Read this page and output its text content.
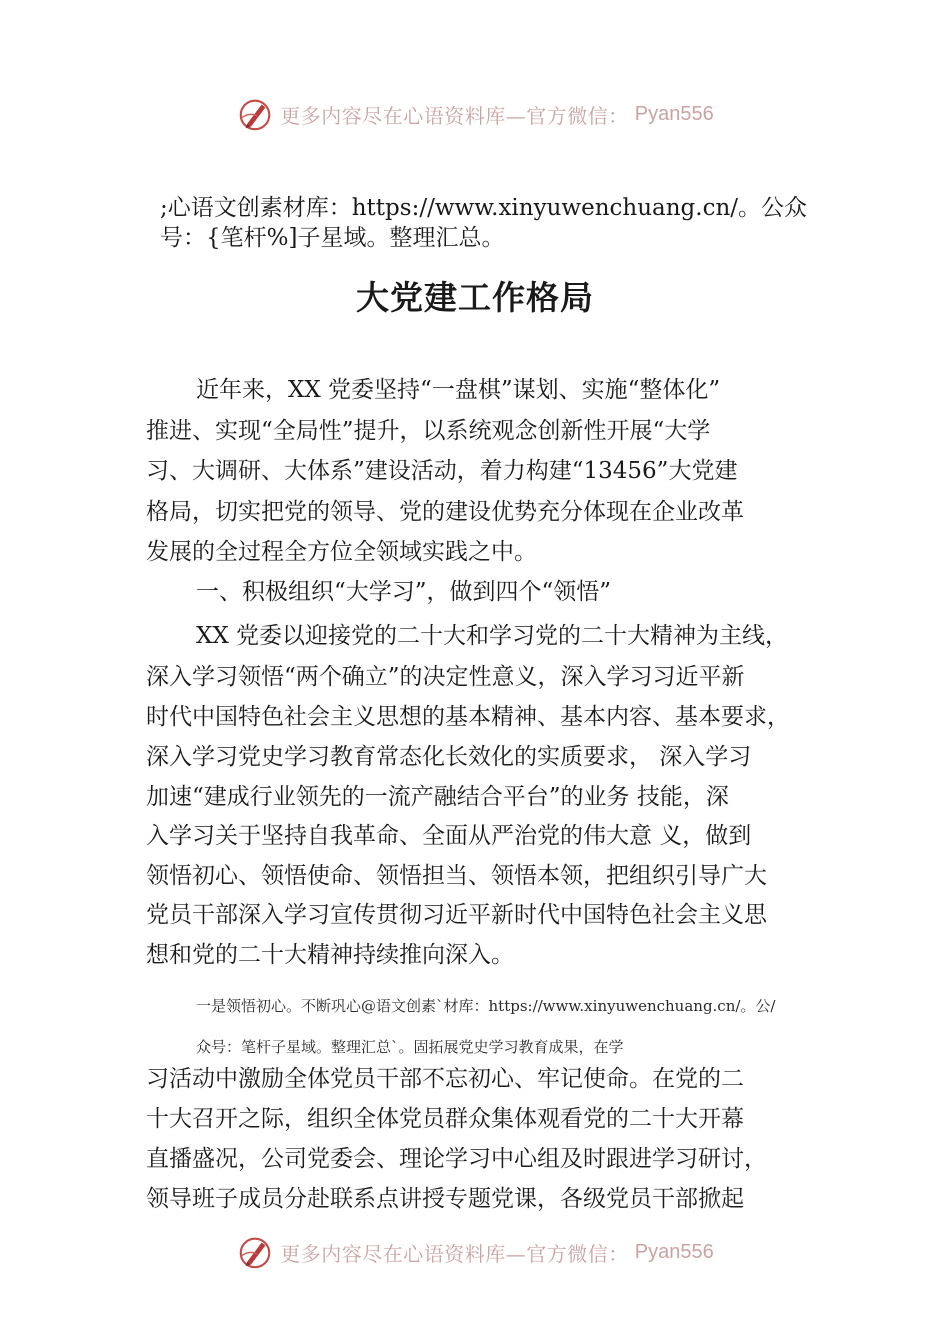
更多内容尽在心语资料库—官方微信： Pyan556
;心语文创素材库：https://www.xinyuwenchuang.cn/。公众
号：{笔杆%]子星域。整理汇总。
大党建工作格局
近年来，XX 党委坚持“一盘棋”谋划、实施“整体化”
推进、实现“全局性”提升，以系统观念创新性开展“大学
习、大调研、大体系”建设活动，着力构建“13456”大党建
格局，切实把党的领导、党的建设优势充分体现在企业改革
发展的全过程全方位全领域实践之中。
一、积极组织“大学习”，做到四个“领悟”
XX 党委以迎接党的二十大和学习党的二十大精神为主线，
深入学习领悟“两个确立”的决定性意义，深入学习习近平新
时代中国特色社会主义思想的基本精神、基本内容、基本要求，
深入学习党史学习教育常态化长效化的实质要求， 深入学习
加速“建成行业领先的一流产融结合平台”的业务 技能，深
入学习关于坚持自我革命、全面从严治党的伟大意 义，做到
领悟初心、领悟使命、领悟担当、领悟本领，把组织引导广大
党员干部深入学习宣传贯彻习近平新时代中国特色社会主义思
想和党的二十大精神持续推向深入。
一是领悟初心。不断巩心@语文创素`材库：https://www.xinyuwenchuang.cn/。公/
众号：笔杆子星域。整理汇总`。固拓展党史学习教育成果，在学
习活动中激励全体党员干部不忘初心、牢记使命。在党的二
十大召开之际，组织全体党员群众集体观看党的二十大开幕
直播盛况，公司党委会、理论学习中心组及时跟进学习研讨，
领导班子成员分赴联系点讲授专题党课，各级党员干部掀起
更多内容尽在心语资料库—官方微信： Pyan556
